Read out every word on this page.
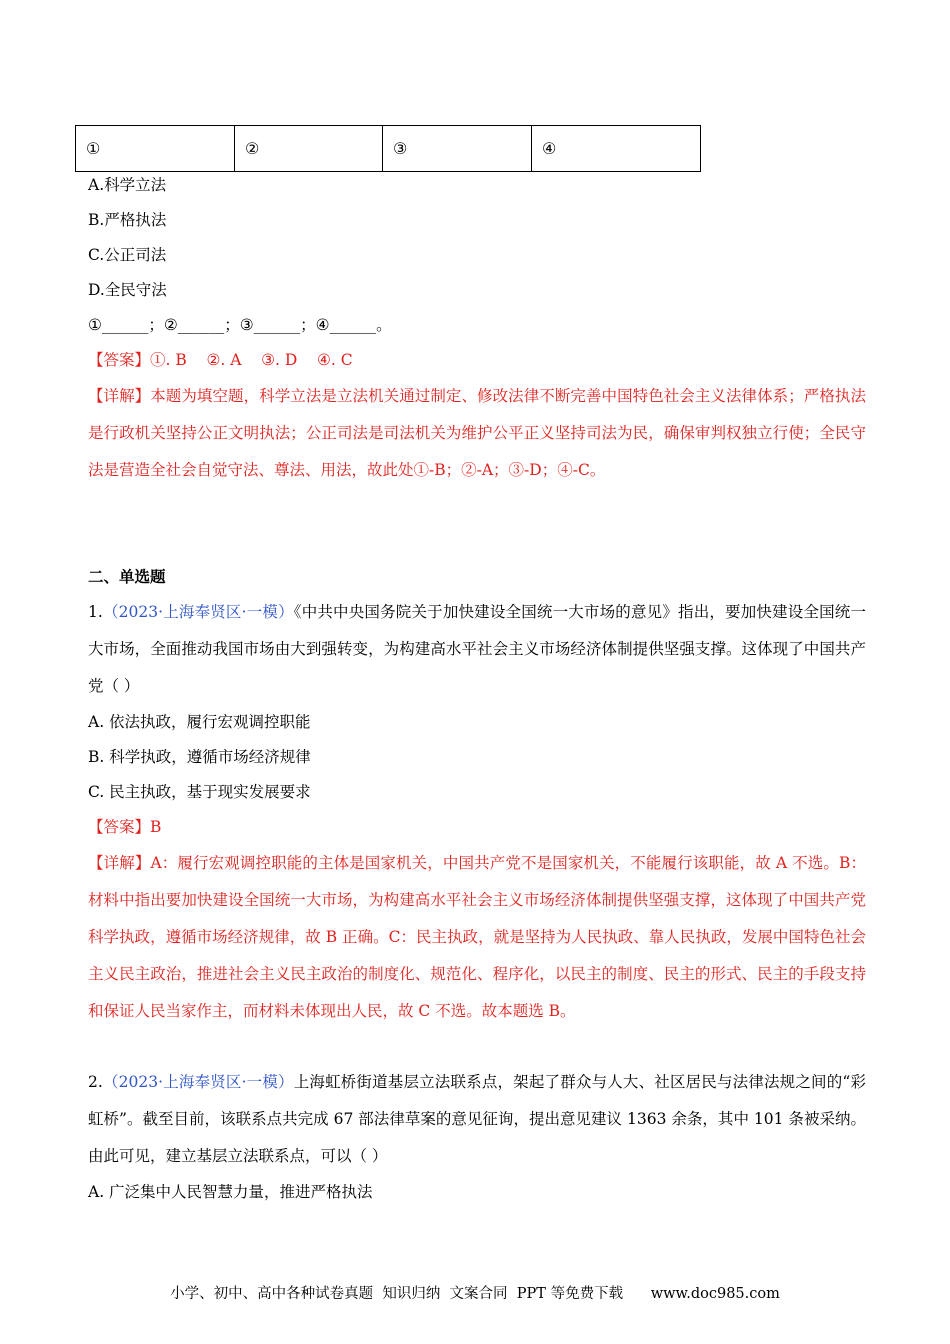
①	②	③	④
A.科学立法
B.严格执法
C.公正司法
D.全民守法
①______；②______；③______；④______。
【答案】①. B    ②. A    ③. D    ④. C
【详解】本题为填空题，科学立法是立法机关通过制定、修改法律不断完善中国特色社会主义法律体系；严格执法是行政机关坚持公正文明执法；公正司法是司法机关为维护公平正义坚持司法为民，确保审判权独立行使；全民守法是营造全社会自觉守法、尊法、用法，故此处①-B；②-A；③-D；④-C。
二、单选题
1.（2023·上海奉贤区·一模）《中共中央国务院关于加快建设全国统一大市场的意见》指出，要加快建设全国统一大市场，全面推动我国市场由大到强转变，为构建高水平社会主义市场经济体制提供坚强支撑。这体现了中国共产党（ ）
A. 依法执政，履行宏观调控职能
B. 科学执政，遵循市场经济规律
C. 民主执政，基于现实发展要求
【答案】B
【详解】A：履行宏观调控职能的主体是国家机关，中国共产党不是国家机关，不能履行该职能，故 A 不选。B：材料中指出要加快建设全国统一大市场，为构建高水平社会主义市场经济体制提供坚强支撑，这体现了中国共产党科学执政，遵循市场经济规律，故 B 正确。C：民主执政，就是坚持为人民执政、靠人民执政，发展中国特色社会主义民主政治，推进社会主义民主政治的制度化、规范化、程序化，以民主的制度、民主的形式、民主的手段支持和保证人民当家作主，而材料未体现出人民，故 C 不选。故本题选 B。
2.（2023·上海奉贤区·一模）上海虹桥街道基层立法联系点，架起了群众与人大、社区居民与法律法规之间的“彩虹桥”。截至目前，该联系点共完成 67 部法律草案的意见征询，提出意见建议 1363 余条，其中 101 条被采纳。由此可见，建立基层立法联系点，可以（ ）
A. 广泛集中人民智慧力量，推进严格执法
小学、初中、高中各种试卷真题  知识归纳  文案合同  PPT 等免费下载      www.doc985.com
